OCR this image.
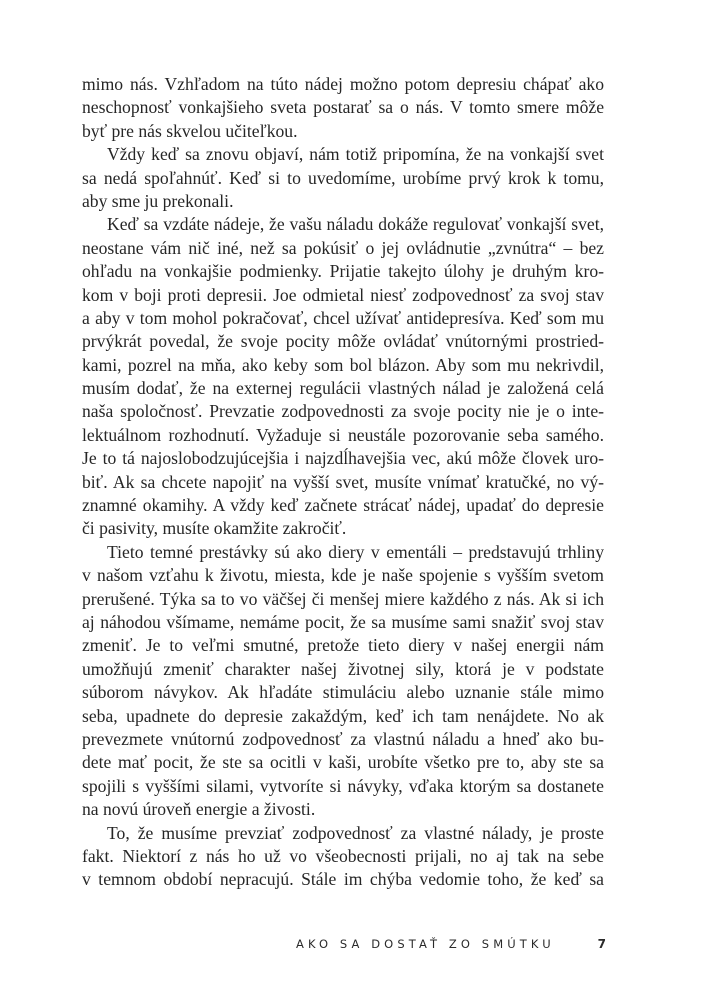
mimo nás. Vzhľadom na túto nádej možno potom depresiu chápať ako
neschopnosť vonkajšieho sveta postarať sa o nás. V tomto smere môže
byť pre nás skvelou učiteľkou.
Vždy keď sa znovu objaví, nám totiž pripomína, že na vonkajší svet
sa nedá spoľahnúť. Keď si to uvedomíme, urobíme prvý krok k tomu,
aby sme ju prekonali.
Keď sa vzdáte nádeje, že vašu náladu dokáže regulovať vonkajší svet,
neostane vám nič iné, než sa pokúsiť o jej ovládnutie „zvnútra“ – bez
ohľadu na vonkajšie podmienky. Prijatie takejto úlohy je druhým kro-
kom v boji proti depresii. Joe odmietal niesť zodpovednosť za svoj stav
a aby v tom mohol pokračovať, chcel užívať antidepresíva. Keď som mu
prvýkrát povedal, že svoje pocity môže ovládať vnútornými prostried-
kami, pozrel na mňa, ako keby som bol blázon. Aby som mu nekrivdil,
musím dodať, že na externej regulácii vlastných nálad je založená celá
naša spoločnosť. Prevzatie zodpovednosti za svoje pocity nie je o inte-
lektuálnom rozhodnutí. Vyžaduje si neustále pozorovanie seba samého.
Je to tá najoslobodzujúcejšia i najzdĺhavejšia vec, akú môže človek uro-
biť. Ak sa chcete napojiť na vyšší svet, musíte vnímať kratučké, no vý-
znamné okamihy. A vždy keď začnete strácať nádej, upadať do depresie
či pasivity, musíte okamžite zakročiť.
Tieto temné prestávky sú ako diery v ementáli – predstavujú trhliny
v našom vzťahu k životu, miesta, kde je naše spojenie s vyšším svetom
prerušené. Týka sa to vo väčšej či menšej miere každého z nás. Ak si ich
aj náhodou všímame, nemáme pocit, že sa musíme sami snažiť svoj stav
zmeniť. Je to veľmi smutné, pretože tieto diery v našej energii nám
umožňujú zmeniť charakter našej životnej sily, ktorá je v podstate
súborom návykov. Ak hľadáte stimuláciu alebo uznanie stále mimo
seba, upadnete do depresie zakaždým, keď ich tam nenájdete. No ak
prevezmete vnútornú zodpovednosť za vlastnú náladu a hneď ako bu-
dete mať pocit, že ste sa ocitli v kaši, urobíte všetko pre to, aby ste sa
spojili s vyššími silami, vytvoríte si návyky, vďaka ktorým sa dostanete
na novú úroveň energie a živosti.
To, že musíme prevziať zodpovednosť za vlastné nálady, je proste
fakt. Niektorí z nás ho už vo všeobecnosti prijali, no aj tak na sebe
v temnom období nepracujú. Stále im chýba vedomie toho, že keď sa
AKO SA DOSTAŤ ZO SMÚTKU	7
